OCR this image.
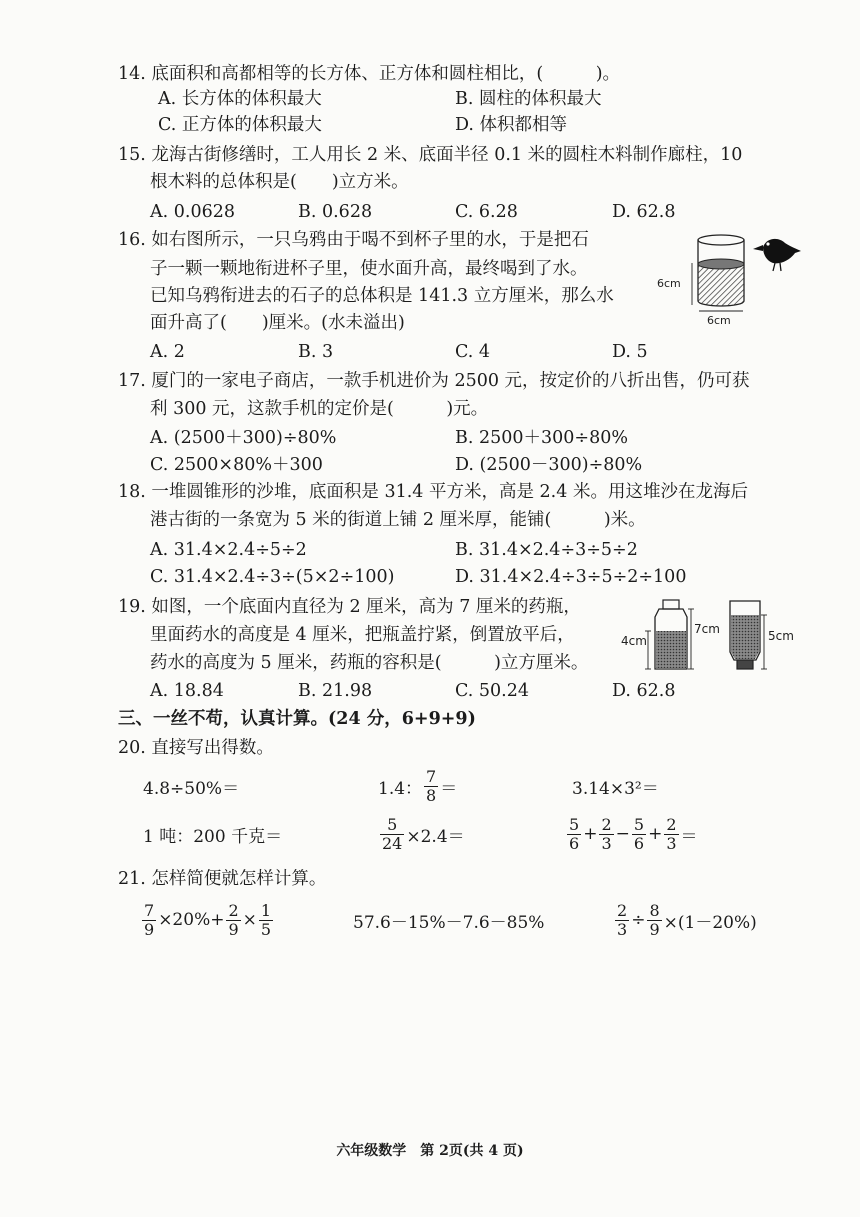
14. 底面积和高都相等的长方体、正方体和圆柱相比，(　　　)。
A. 长方体的体积最大	B. 圆柱的体积最大
C. 正方体的体积最大	D. 体积都相等
15. 龙海古街修缮时，工人用长 2 米、底面半径 0.1 米的圆柱木料制作廊柱，10
根木料的总体积是(　　)立方米。
A. 0.0628	B. 0.628	C. 6.28	D. 62.8
16. 如右图所示，一只乌鸦由于喝不到杯子里的水，于是把石
子一颗一颗地衔进杯子里，使水面升高，最终喝到了水。
已知乌鸦衔进去的石子的总体积是 141.3 立方厘米，那么水
面升高了(　　)厘米。(水未溢出)
A. 2	B. 3	C. 4	D. 5
6cm
6cm
17. 厦门的一家电子商店，一款手机进价为 2500 元，按定价的八折出售，仍可获
利 300 元，这款手机的定价是(　　　)元。
A. (2500＋300)÷80%	B. 2500＋300÷80%
C. 2500×80%＋300	D. (2500－300)÷80%
18. 一堆圆锥形的沙堆，底面积是 31.4 平方米，高是 2.4 米。用这堆沙在龙海后
港古街的一条宽为 5 米的街道上铺 2 厘米厚，能铺(　　　)米。
A. 31.4×2.4÷5÷2	B. 31.4×2.4÷3÷5÷2
C. 31.4×2.4÷3÷(5×2÷100)	D. 31.4×2.4÷3÷5÷2÷100
19. 如图，一个底面内直径为 2 厘米，高为 7 厘米的药瓶，
里面药水的高度是 4 厘米，把瓶盖拧紧，倒置放平后，
药水的高度为 5 厘米，药瓶的容积是(　　　)立方厘米。
A. 18.84	B. 21.98	C. 50.24	D. 62.8
4cm
7cm	5cm
三、一丝不苟，认真计算。(24 分，6+9+9)
20. 直接写出得数。
4.8÷50%＝	1.4： $\frac{7}{8}$ ＝	3.14×3²＝
1 吨：200 千克＝	$\frac{5}{24} \times 2.4=$	$\frac{5}{6} + \frac{2}{3} - \frac{5}{6} + \frac{2}{3}$ ＝
21. 怎样简便就怎样计算。
$\frac{7}{9} \times 20\%+ \frac{2}{9} \times \frac{1}{5}$	57.6－15%－7.6－85%	$\frac{2}{3} \div \frac{8}{9} \times(1-20\%)$
六年级数学　第 2页(共 4 页)
